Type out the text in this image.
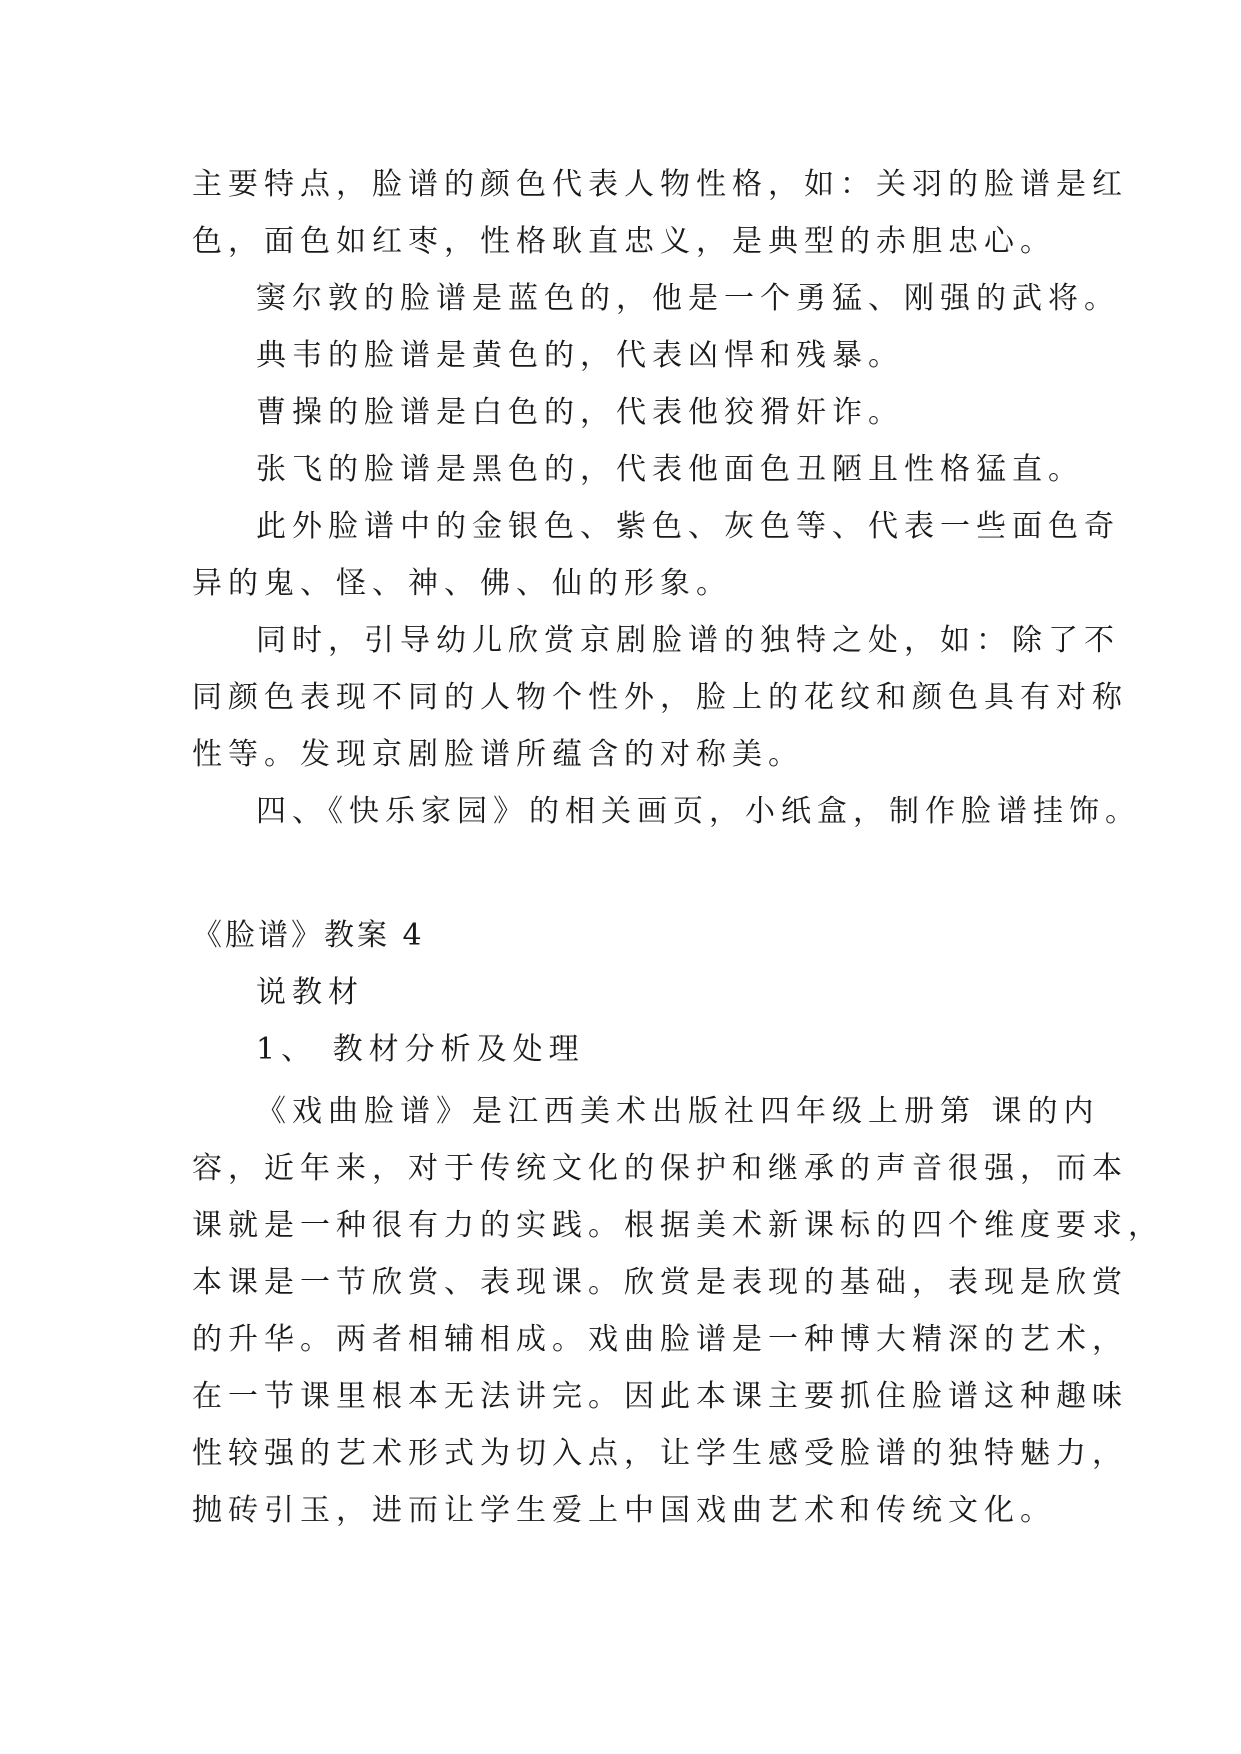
主要特点，脸谱的颜色代表人物性格，如：关羽的脸谱是红
色，面色如红枣，性格耿直忠义，是典型的赤胆忠心。
窦尔敦的脸谱是蓝色的，他是一个勇猛、刚强的武将。
典韦的脸谱是黄色的，代表凶悍和残暴。
曹操的脸谱是白色的，代表他狡猾奸诈。
张飞的脸谱是黑色的，代表他面色丑陋且性格猛直。
此外脸谱中的金银色、紫色、灰色等、代表一些面色奇
异的鬼、怪、神、佛、仙的形象。
同时，引导幼儿欣赏京剧脸谱的独特之处，如：除了不
同颜色表现不同的人物个性外，脸上的花纹和颜色具有对称
性等。发现京剧脸谱所蕴含的对称美。
四、《快乐家园》的相关画页，小纸盒，制作脸谱挂饰。
《脸谱》教案 4
说教材
1、 教材分析及处理
《戏曲脸谱》是江西美术出版社四年级上册第 课的内
容，近年来，对于传统文化的保护和继承的声音很强，而本
课就是一种很有力的实践。根据美术新课标的四个维度要求，
本课是一节欣赏、表现课。欣赏是表现的基础，表现是欣赏
的升华。两者相辅相成。戏曲脸谱是一种博大精深的艺术，
在一节课里根本无法讲完。因此本课主要抓住脸谱这种趣味
性较强的艺术形式为切入点，让学生感受脸谱的独特魅力，
抛砖引玉，进而让学生爱上中国戏曲艺术和传统文化。
